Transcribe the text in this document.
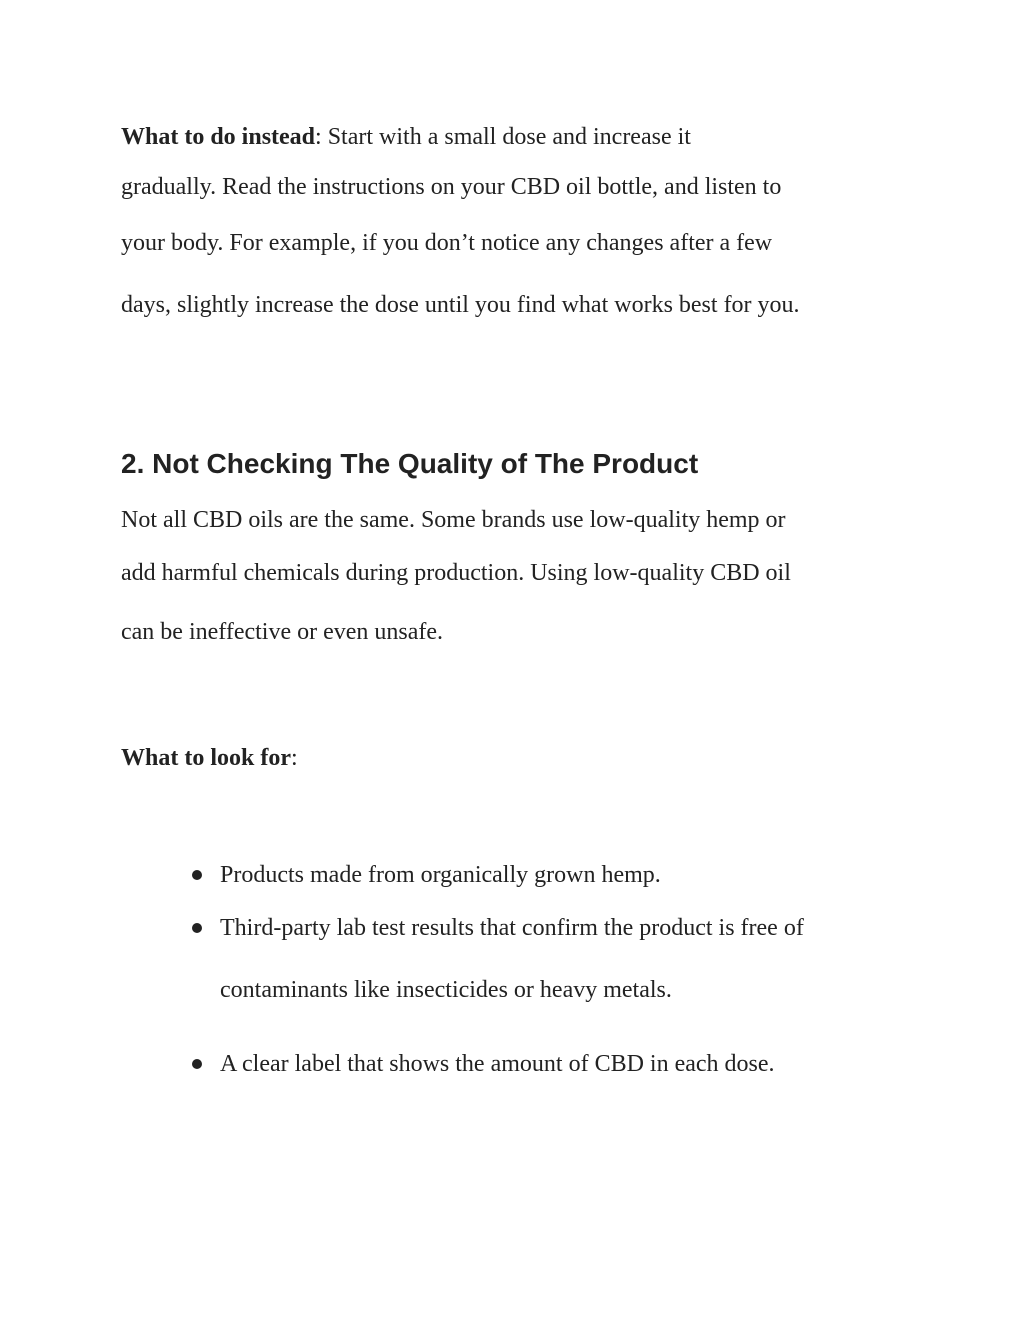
What to do instead: Start with a small dose and increase it
gradually. Read the instructions on your CBD oil bottle, and listen to
your body. For example, if you don’t notice any changes after a few
days, slightly increase the dose until you find what works best for you.
2. Not Checking The Quality of The Product
Not all CBD oils are the same. Some brands use low-quality hemp or
add harmful chemicals during production. Using low-quality CBD oil
can be ineffective or even unsafe.
What to look for:
Products made from organically grown hemp.
Third-party lab test results that confirm the product is free of
contaminants like insecticides or heavy metals.
A clear label that shows the amount of CBD in each dose.
